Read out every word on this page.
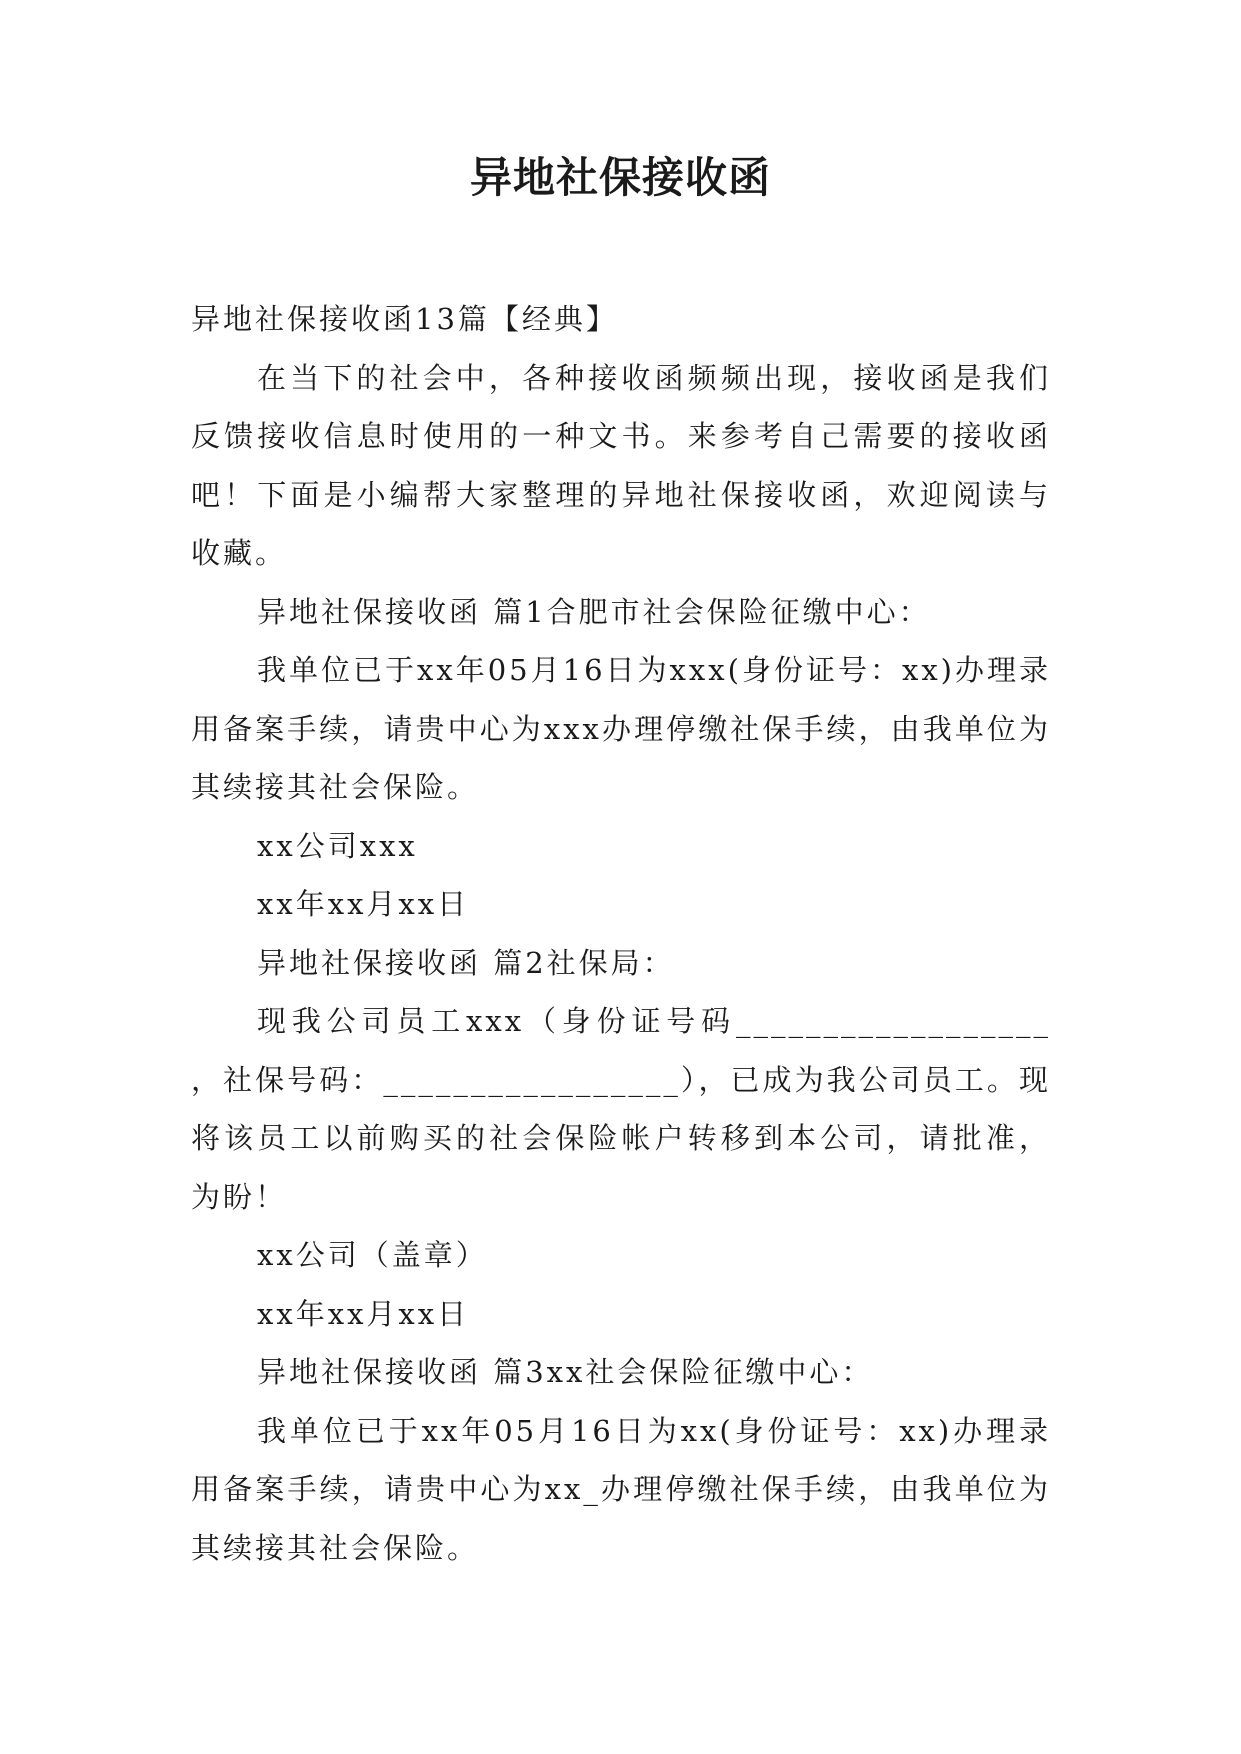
异地社保接收函

异地社保接收函13篇【经典】

在当下的社会中，各种接收函频频出现，接收函是我们反馈接收信息时使用的一种文书。来参考自己需要的接收函吧！下面是小编帮大家整理的异地社保接收函，欢迎阅读与收藏。

异地社保接收函 篇1合肥市社会保险征缴中心：

我单位已于xx年05月16日为xxx(身份证号：xx)办理录用备案手续，请贵中心为xxx办理停缴社保手续，由我单位为其续接其社会保险。

xx公司xxx

xx年xx月xx日

异地社保接收函 篇2社保局：

现我公司员工xxx（身份证号码__________________ ，社保号码：_________________），已成为我公司员工。现将该员工以前购买的社会保险帐户转移到本公司，请批准，为盼！

xx公司（盖章）

xx年xx月xx日

异地社保接收函 篇3xx社会保险征缴中心：

我单位已于xx年05月16日为xx(身份证号：xx)办理录用备案手续，请贵中心为xx_办理停缴社保手续，由我单位为其续接其社会保险。
